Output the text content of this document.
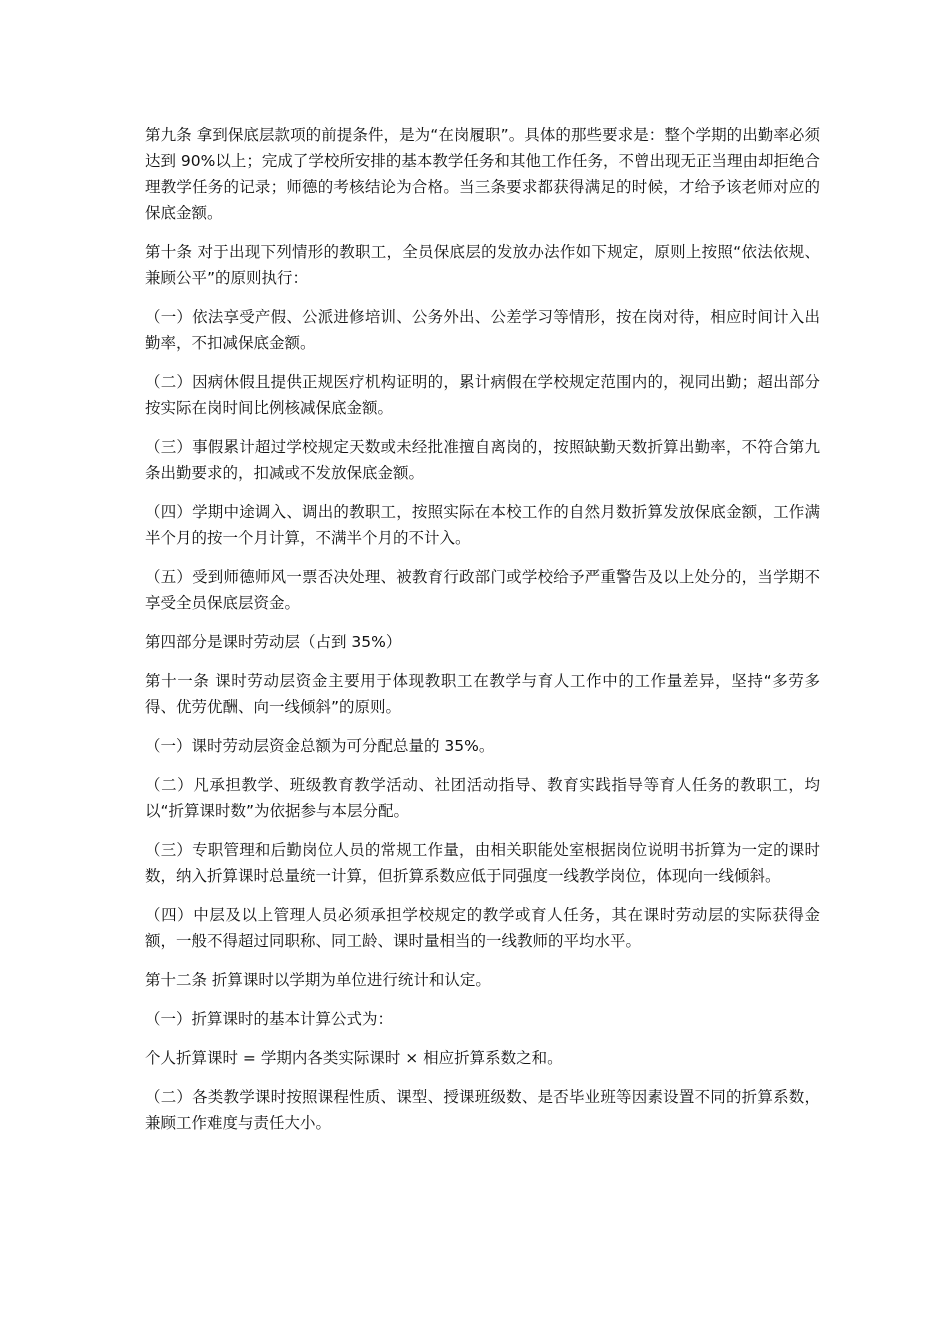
第九条 拿到保底层款项的前提条件，是为“在岗履职”。具体的那些要求是：整个学期的出勤率必须达到 90%以上；完成了学校所安排的基本教学任务和其他工作任务，不曾出现无正当理由却拒绝合理教学任务的记录；师德的考核结论为合格。当三条要求都获得满足的时候，才给予该老师对应的保底金额。

第十条 对于出现下列情形的教职工，全员保底层的发放办法作如下规定，原则上按照“依法依规、兼顾公平”的原则执行：

（一）依法享受产假、公派进修培训、公务外出、公差学习等情形，按在岗对待，相应时间计入出勤率，不扣减保底金额。

（二）因病休假且提供正规医疗机构证明的，累计病假在学校规定范围内的，视同出勤；超出部分按实际在岗时间比例核减保底金额。

（三）事假累计超过学校规定天数或未经批准擅自离岗的，按照缺勤天数折算出勤率，不符合第九条出勤要求的，扣减或不发放保底金额。

（四）学期中途调入、调出的教职工，按照实际在本校工作的自然月数折算发放保底金额，工作满半个月的按一个月计算，不满半个月的不计入。

（五）受到师德师风一票否决处理、被教育行政部门或学校给予严重警告及以上处分的，当学期不享受全员保底层资金。

第四部分是课时劳动层（占到 35%）

第十一条 课时劳动层资金主要用于体现教职工在教学与育人工作中的工作量差异，坚持“多劳多得、优劳优酬、向一线倾斜”的原则。

（一）课时劳动层资金总额为可分配总量的 35%。

（二）凡承担教学、班级教育教学活动、社团活动指导、教育实践指导等育人任务的教职工，均以“折算课时数”为依据参与本层分配。

（三）专职管理和后勤岗位人员的常规工作量，由相关职能处室根据岗位说明书折算为一定的课时数，纳入折算课时总量统一计算，但折算系数应低于同强度一线教学岗位，体现向一线倾斜。

（四）中层及以上管理人员必须承担学校规定的教学或育人任务，其在课时劳动层的实际获得金额，一般不得超过同职称、同工龄、课时量相当的一线教师的平均水平。

第十二条 折算课时以学期为单位进行统计和认定。

（一）折算课时的基本计算公式为：

个人折算课时 = 学期内各类实际课时 × 相应折算系数之和。

（二）各类教学课时按照课程性质、课型、授课班级数、是否毕业班等因素设置不同的折算系数，兼顾工作难度与责任大小。
